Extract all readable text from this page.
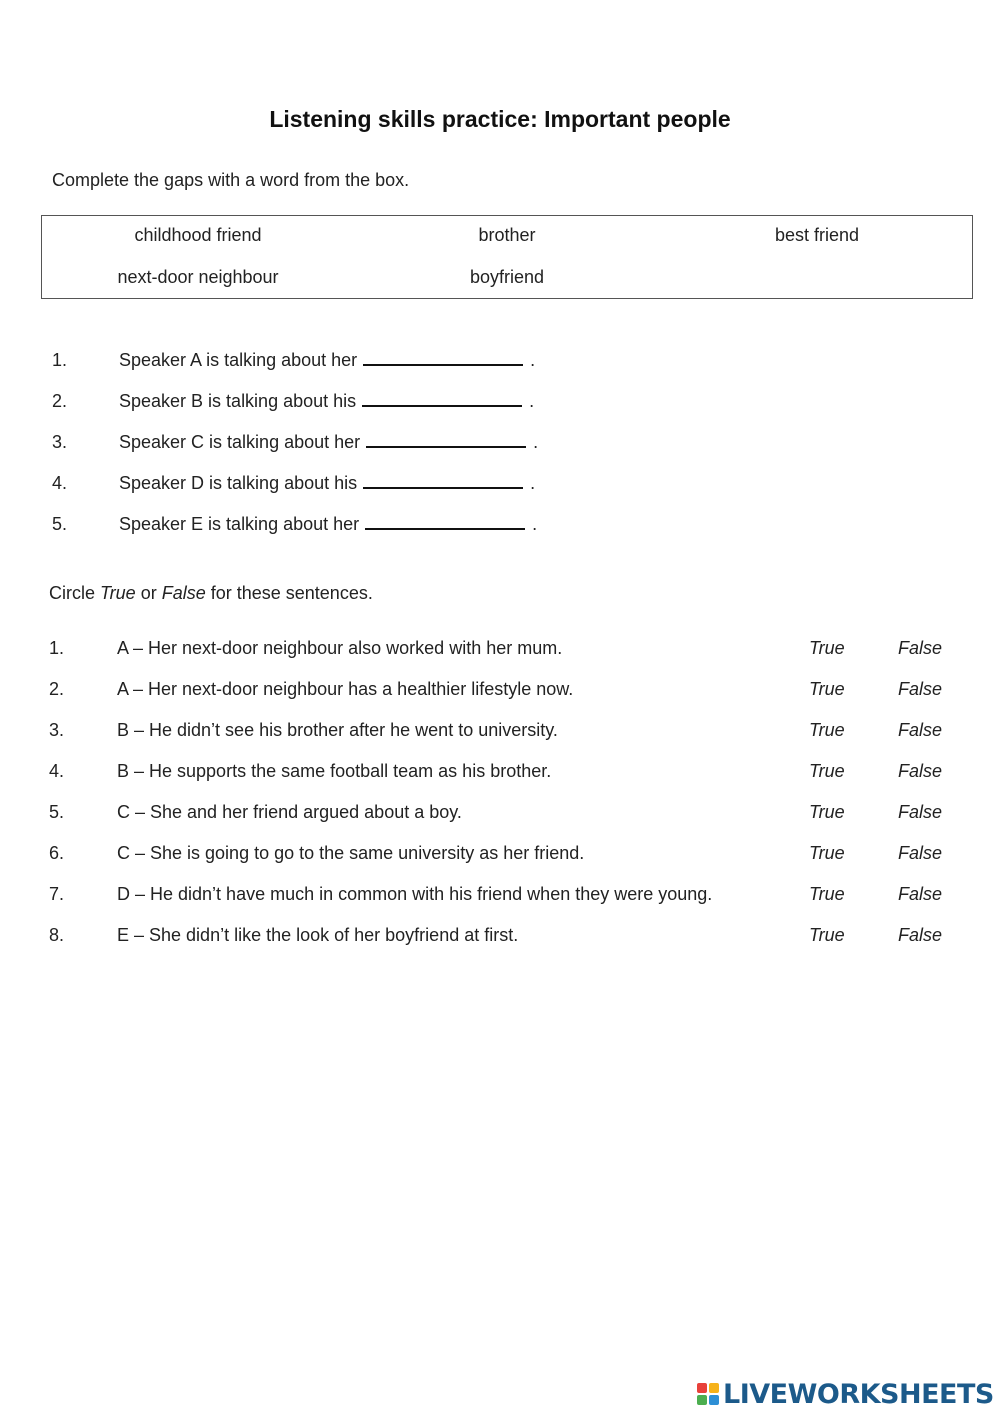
Listening skills practice: Important people
Complete the gaps with a word from the box.
childhood friend	brother	best friend
next-door neighbour	boyfriend
1.	Speaker A is talking about her	.
2.	Speaker B is talking about his	.
3.	Speaker C is talking about her	.
4.	Speaker D is talking about his	.
5.	Speaker E is talking about her	.
Circle True or False for these sentences.
1.	A – Her next-door neighbour also worked with her mum.	True	False
2.	A – Her next-door neighbour has a healthier lifestyle now.	True	False
3.	B – He didn’t see his brother after he went to university.	True	False
4.	B – He supports the same football team as his brother.	True	False
5.	C – She and her friend argued about a boy.	True	False
6.	C – She is going to go to the same university as her friend.	True	False
7.	D – He didn’t have much in common with his friend when they were young.	True	False
8.	E – She didn’t like the look of her boyfriend at first.	True	False
LIVEWORKSHEETS
